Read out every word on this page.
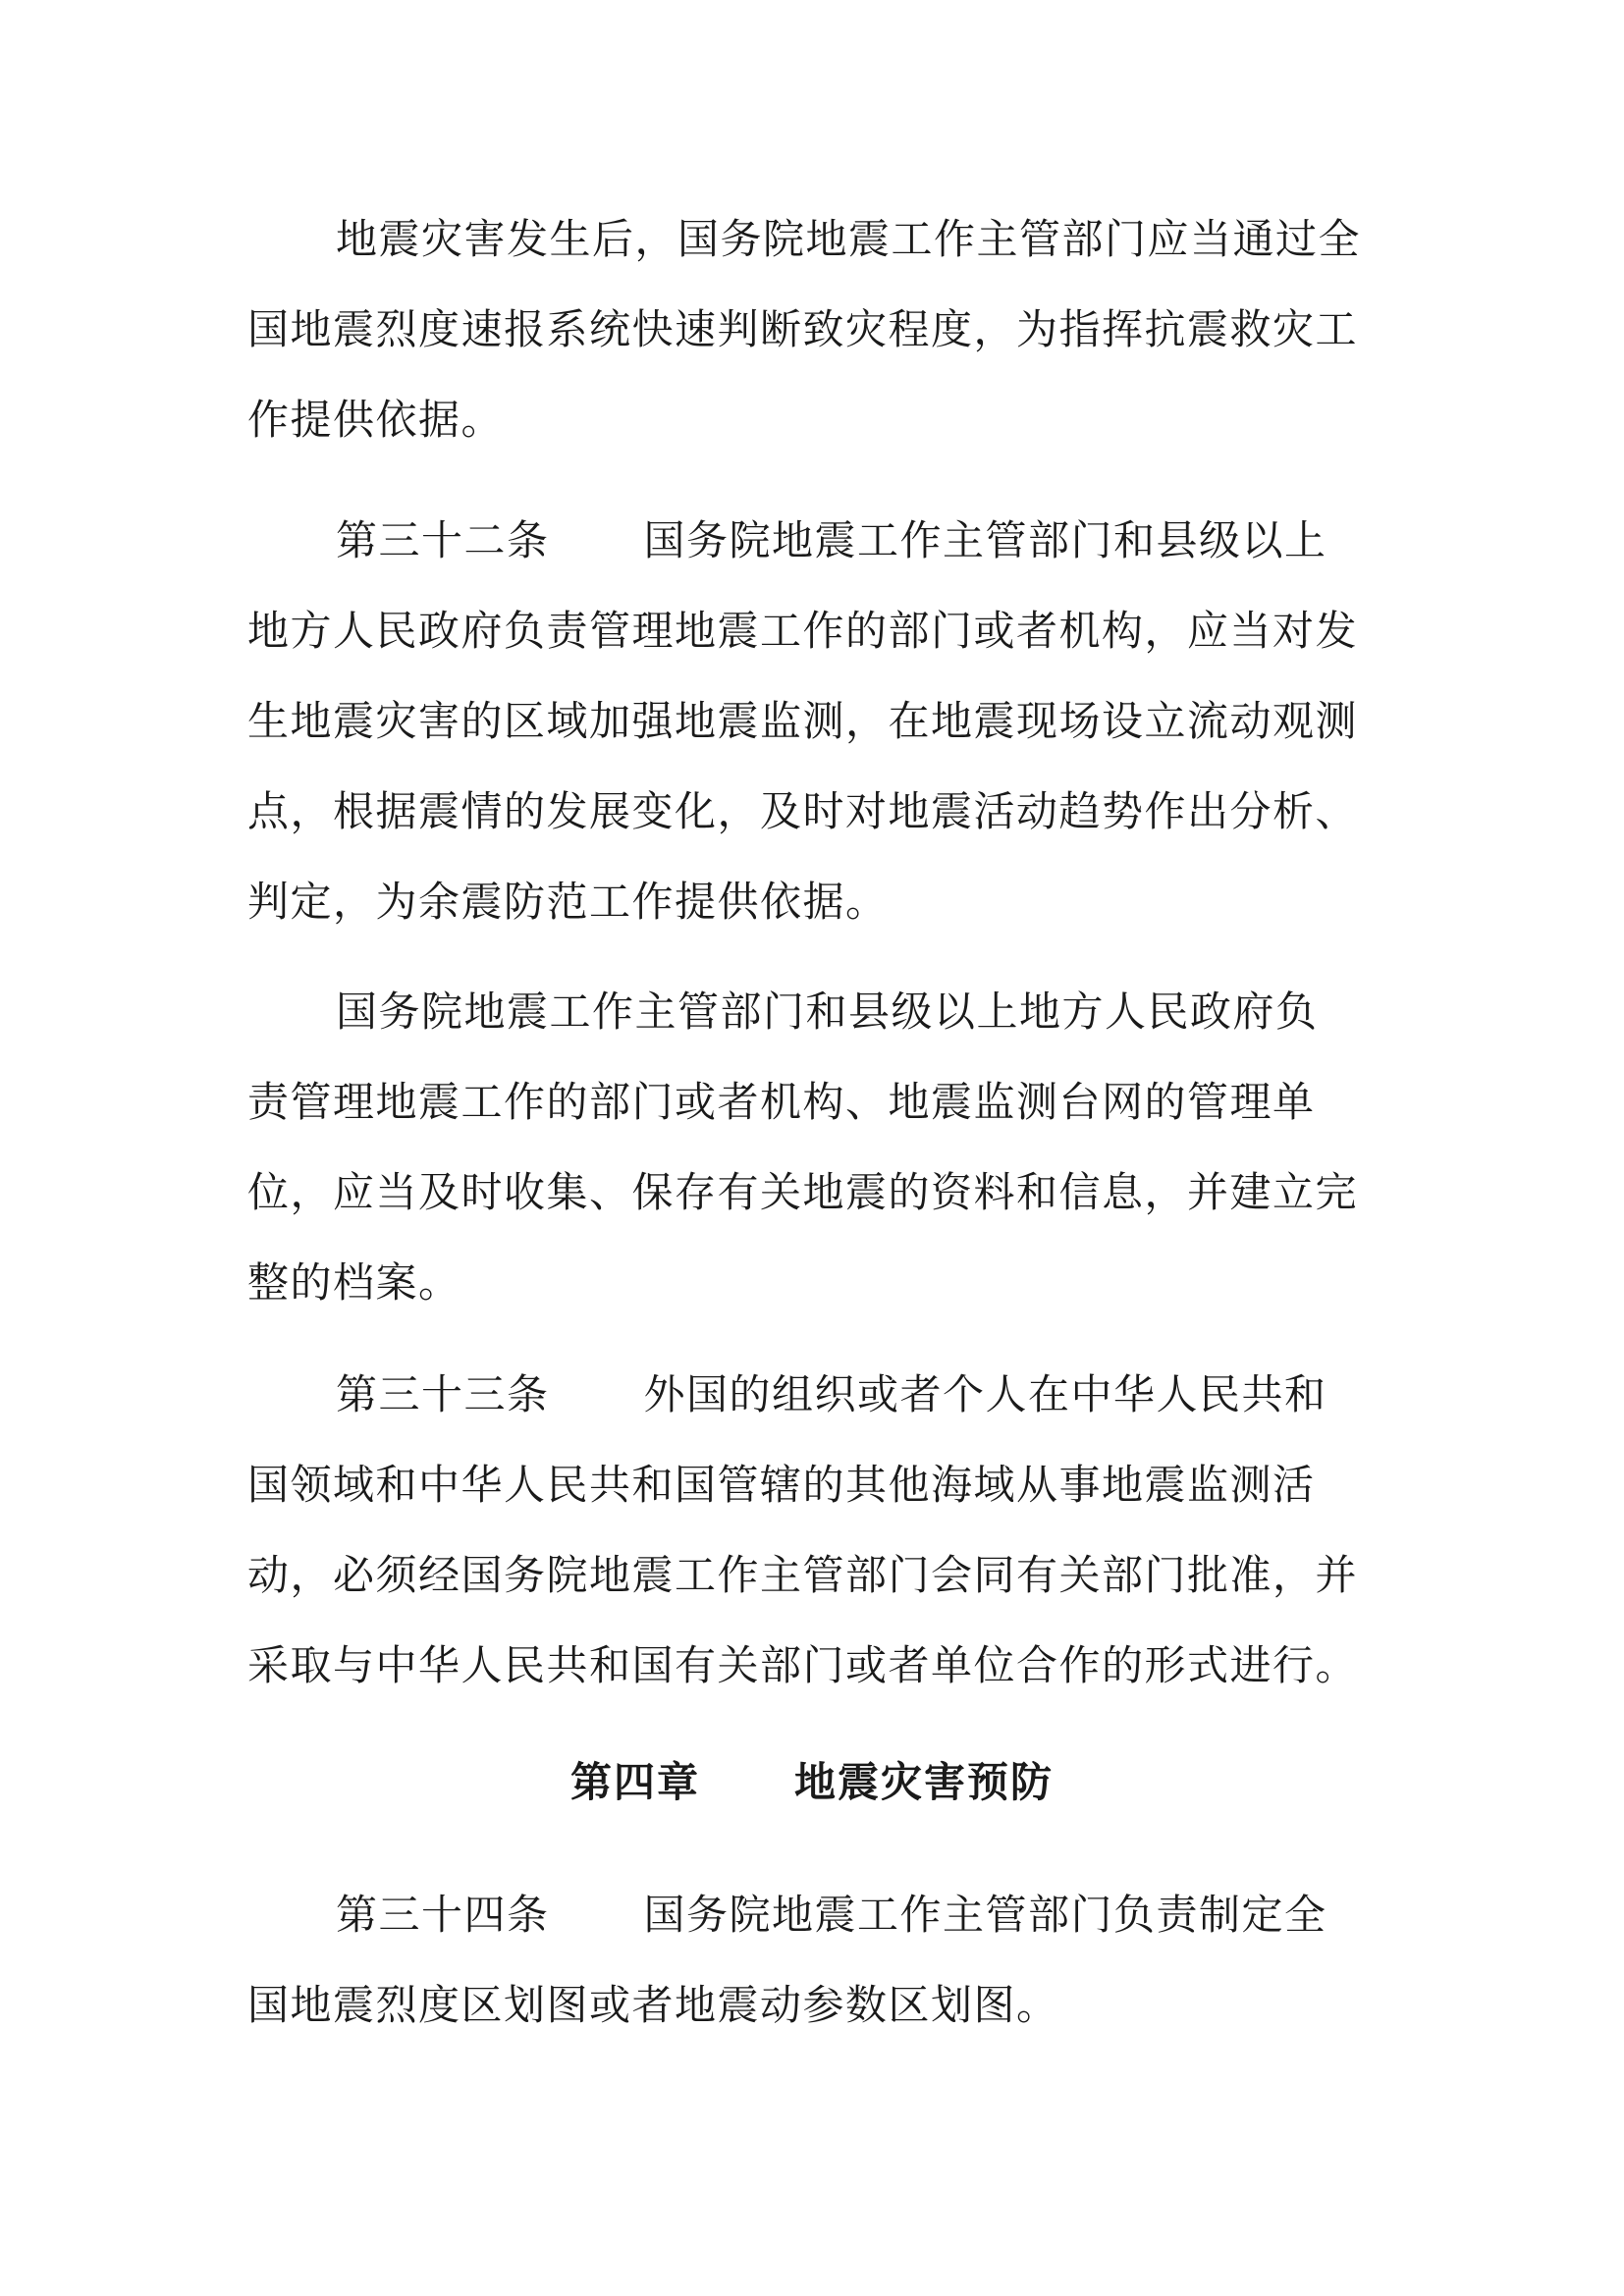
地震灾害发生后，国务院地震工作主管部门应当通过全
国地震烈度速报系统快速判断致灾程度，为指挥抗震救灾工
作提供依据。
第三十二条 国务院地震工作主管部门和县级以上
地方人民政府负责管理地震工作的部门或者机构，应当对发
生地震灾害的区域加强地震监测，在地震现场设立流动观测
点，根据震情的发展变化，及时对地震活动趋势作出分析、
判定，为余震防范工作提供依据。
国务院地震工作主管部门和县级以上地方人民政府负
责管理地震工作的部门或者机构、地震监测台网的管理单
位，应当及时收集、保存有关地震的资料和信息，并建立完
整的档案。
第三十三条 外国的组织或者个人在中华人民共和
国领域和中华人民共和国管辖的其他海域从事地震监测活
动，必须经国务院地震工作主管部门会同有关部门批准，并
采取与中华人民共和国有关部门或者单位合作的形式进行。
第四章 地震灾害预防
第三十四条 国务院地震工作主管部门负责制定全
国地震烈度区划图或者地震动参数区划图。
